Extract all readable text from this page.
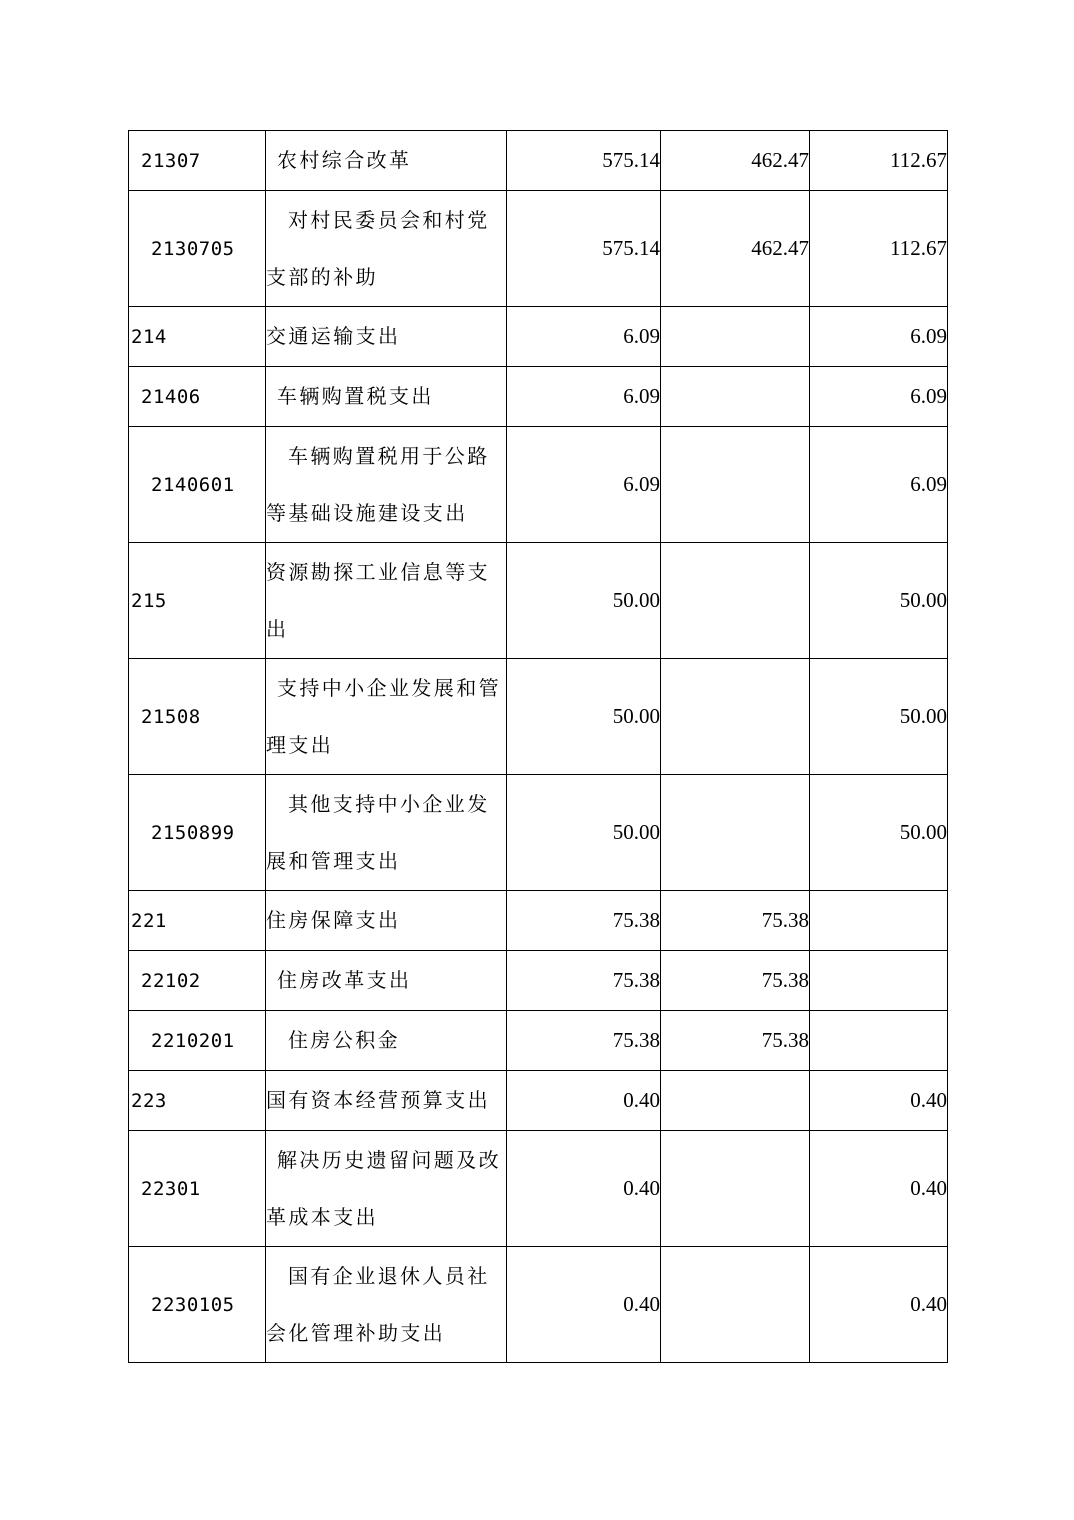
21307	农村综合改革	575.14	462.47	112.67
2130705	对村民委员会和村党支部的补助	575.14	462.47	112.67
214	交通运输支出	6.09		6.09
21406	车辆购置税支出	6.09		6.09
2140601	车辆购置税用于公路等基础设施建设支出	6.09		6.09
215	资源勘探工业信息等支出	50.00		50.00
21508	支持中小企业发展和管理支出	50.00		50.00
2150899	其他支持中小企业发展和管理支出	50.00		50.00
221	住房保障支出	75.38	75.38	
22102	住房改革支出	75.38	75.38	
2210201	住房公积金	75.38	75.38	
223	国有资本经营预算支出	0.40		0.40
22301	解决历史遗留问题及改革成本支出	0.40		0.40
2230105	国有企业退休人员社会化管理补助支出	0.40		0.40
